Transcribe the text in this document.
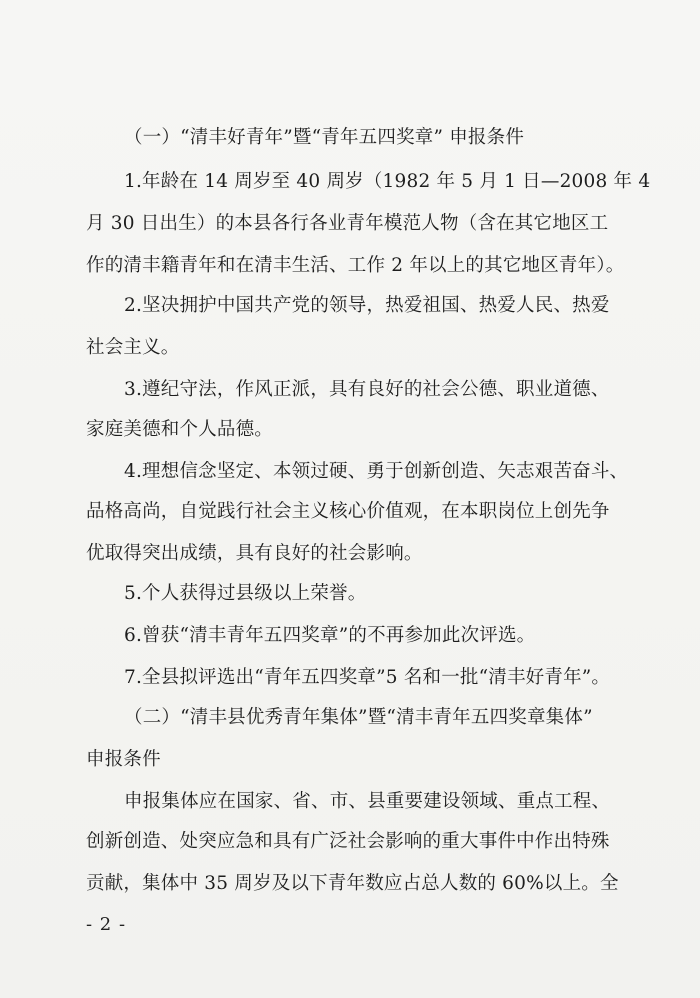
（一）“清丰好青年”暨“青年五四奖章” 申报条件
1.年龄在 14 周岁至 40 周岁（1982 年 5 月 1 日—2008 年 4
月 30 日出生）的本县各行各业青年模范人物（含在其它地区工
作的清丰籍青年和在清丰生活、工作 2 年以上的其它地区青年）。
2.坚决拥护中国共产党的领导，热爱祖国、热爱人民、热爱
社会主义。
3.遵纪守法，作风正派，具有良好的社会公德、职业道德、
家庭美德和个人品德。
4.理想信念坚定、本领过硬、勇于创新创造、矢志艰苦奋斗、
品格高尚，自觉践行社会主义核心价值观，在本职岗位上创先争
优取得突出成绩，具有良好的社会影响。
5.个人获得过县级以上荣誉。
6.曾获“清丰青年五四奖章”的不再参加此次评选。
7.全县拟评选出“青年五四奖章”5 名和一批“清丰好青年”。
（二）“清丰县优秀青年集体”暨“清丰青年五四奖章集体”
申报条件
申报集体应在国家、省、市、县重要建设领域、重点工程、
创新创造、处突应急和具有广泛社会影响的重大事件中作出特殊
贡献，集体中 35 周岁及以下青年数应占总人数的 60%以上。全
- 2 -
